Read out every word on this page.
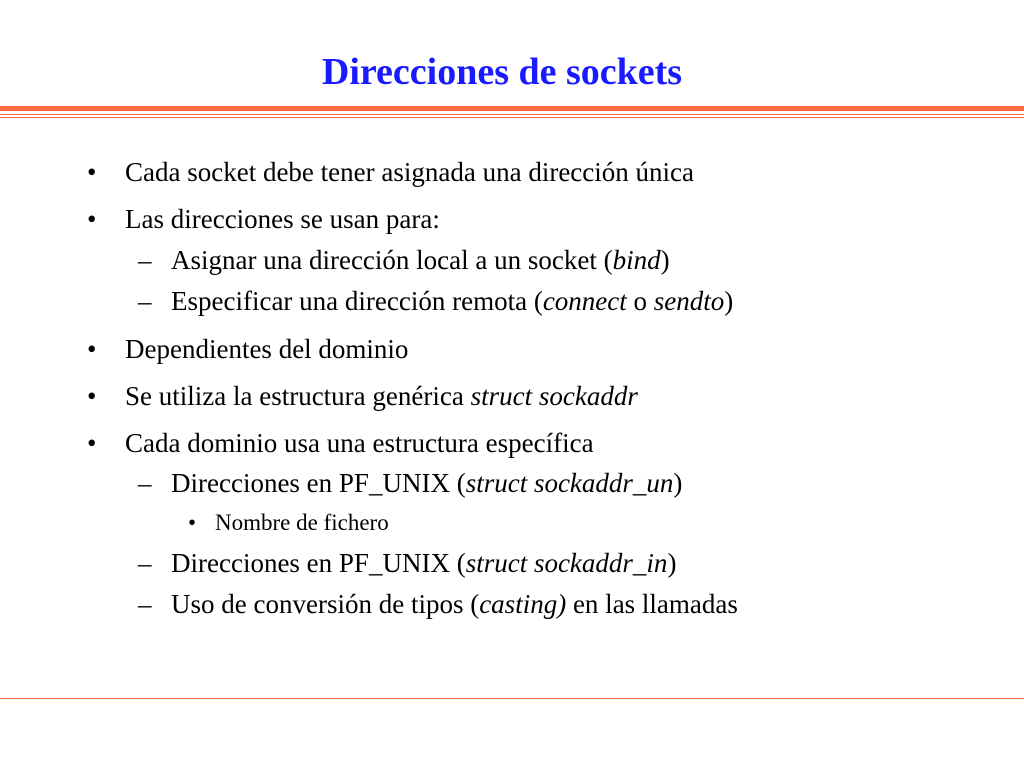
Direcciones de sockets
• Cada socket debe tener asignada una dirección única
• Las direcciones se usan para:
– Asignar una dirección local a un socket (bind)
– Especificar una dirección remota (connect o sendto)
• Dependientes del dominio
• Se utiliza la estructura genérica struct sockaddr
• Cada dominio usa una estructura específica
– Direcciones en PF_UNIX (struct sockaddr_un)
• Nombre de fichero
– Direcciones en PF_UNIX (struct sockaddr_in)
– Uso de conversión de tipos (casting) en las llamadas
